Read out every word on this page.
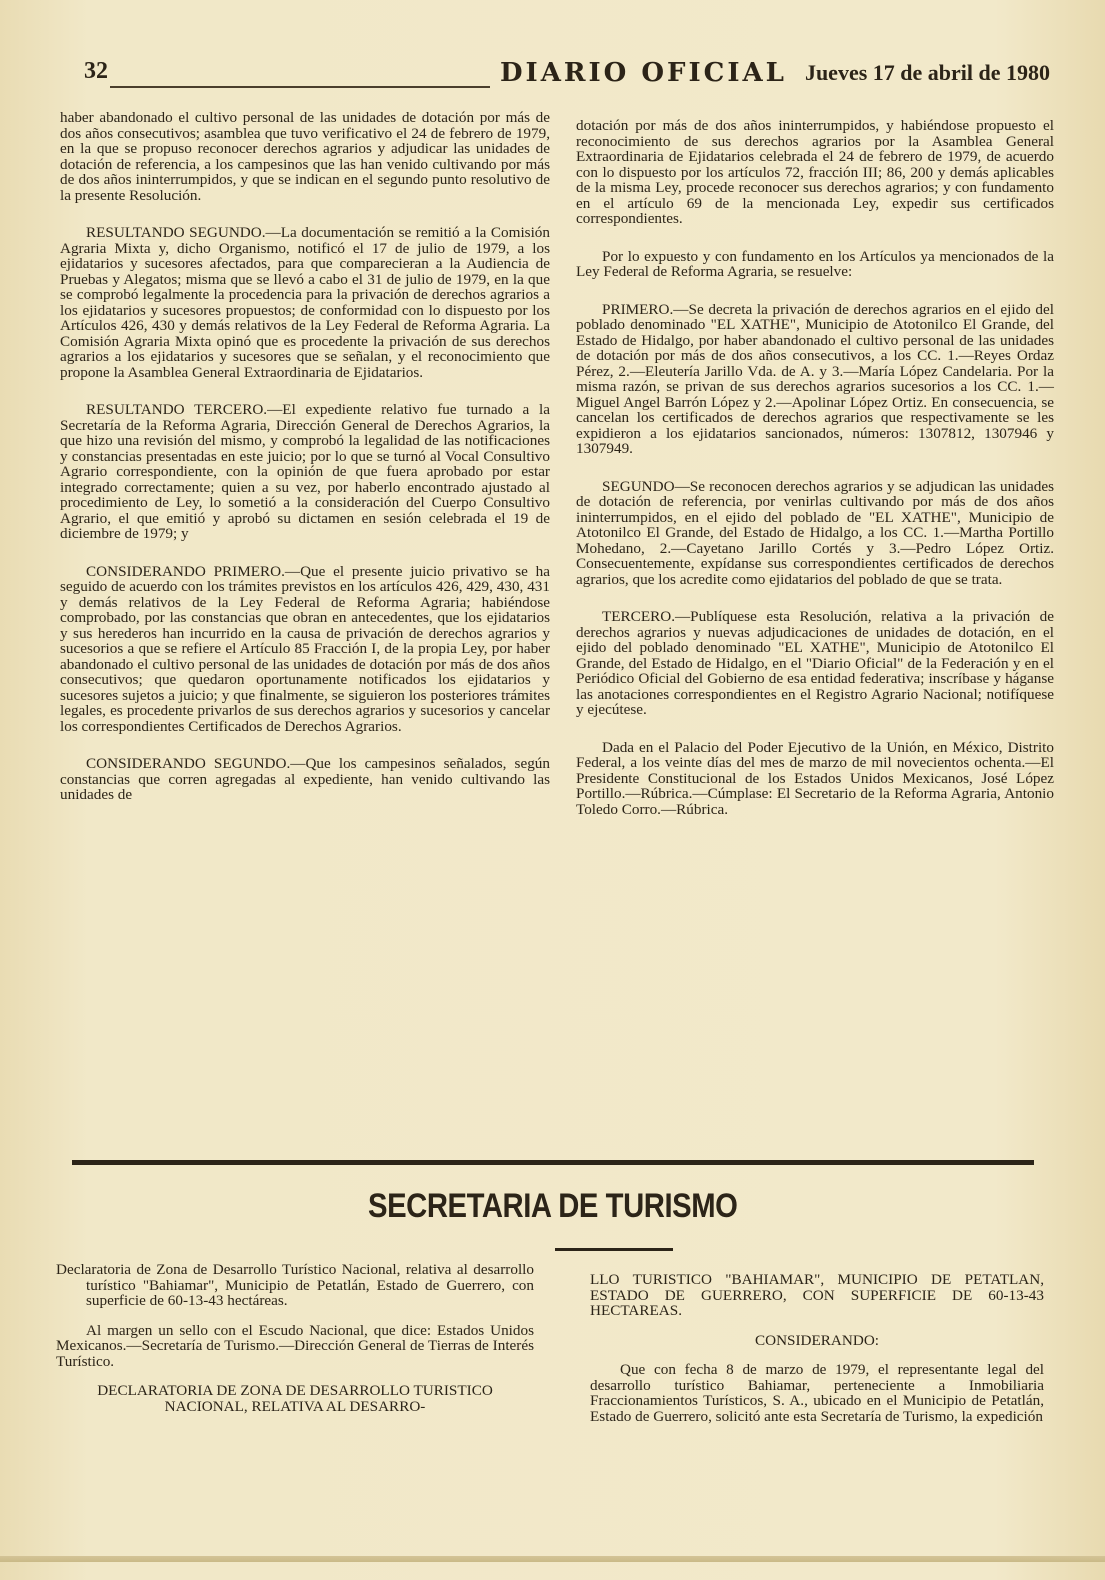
32	DIARIO OFICIAL Jueves 17 de abril de 1980

haber abandonado el cultivo personal de las unidades de dotación por más de dos años consecutivos; asamblea que tuvo verificativo el 24 de febrero de 1979, en la que se propuso reconocer derechos agrarios y adjudicar las unidades de dotación de referencia, a los campesinos que las han venido cultivando por más de dos años ininterrumpidos, y que se indican en el segundo punto resolutivo de la presente Resolución.

RESULTANDO SEGUNDO.—La documentación se remitió a la Comisión Agraria Mixta y, dicho Organismo, notificó el 17 de julio de 1979, a los ejidatarios y sucesores afectados, para que comparecieran a la Audiencia de Pruebas y Alegatos; misma que se llevó a cabo el 31 de julio de 1979, en la que se comprobó legalmente la procedencia para la privación de derechos agrarios a los ejidatarios y sucesores propuestos; de conformidad con lo dispuesto por los Artículos 426, 430 y demás relativos de la Ley Federal de Reforma Agraria. La Comisión Agraria Mixta opinó que es procedente la privación de sus derechos agrarios a los ejidatarios y sucesores que se señalan, y el reconocimiento que propone la Asamblea General Extraordinaria de Ejidatarios.

RESULTANDO TERCERO.—El expediente relativo fue turnado a la Secretaría de la Reforma Agraria, Dirección General de Derechos Agrarios, la que hizo una revisión del mismo, y comprobó la legalidad de las notificaciones y constancias presentadas en este juicio; por lo que se turnó al Vocal Consultivo Agrario correspondiente, con la opinión de que fuera aprobado por estar integrado correctamente; quien a su vez, por haberlo encontrado ajustado al procedimiento de Ley, lo sometió a la consideración del Cuerpo Consultivo Agrario, el que emitió y aprobó su dictamen en sesión celebrada el 19 de diciembre de 1979; y

CONSIDERANDO PRIMERO.—Que el presente juicio privativo se ha seguido de acuerdo con los trámites previstos en los artículos 426, 429, 430, 431 y demás relativos de la Ley Federal de Reforma Agraria; habiéndose comprobado, por las constancias que obran en antecedentes, que los ejidatarios y sus herederos han incurrido en la causa de privación de derechos agrarios y sucesorios a que se refiere el Artículo 85 Fracción I, de la propia Ley, por haber abandonado el cultivo personal de las unidades de dotación por más de dos años consecutivos; que quedaron oportunamente notificados los ejidatarios y sucesores sujetos a juicio; y que finalmente, se siguieron los posteriores trámites legales, es procedente privarlos de sus derechos agrarios y sucesorios y cancelar los correspondientes Certificados de Derechos Agrarios.

CONSIDERANDO SEGUNDO.—Que los campesinos señalados, según constancias que corren agregadas al expediente, han venido cultivando las unidades de

dotación por más de dos años ininterrumpidos, y habiéndose propuesto el reconocimiento de sus derechos agrarios por la Asamblea General Extraordinaria de Ejidatarios celebrada el 24 de febrero de 1979, de acuerdo con lo dispuesto por los artículos 72, fracción III; 86, 200 y demás aplicables de la misma Ley, procede reconocer sus derechos agrarios; y con fundamento en el artículo 69 de la mencionada Ley, expedir sus certificados correspondientes.

Por lo expuesto y con fundamento en los Artículos ya mencionados de la Ley Federal de Reforma Agraria, se resuelve:

PRIMERO.—Se decreta la privación de derechos agrarios en el ejido del poblado denominado "EL XATHE", Municipio de Atotonilco El Grande, del Estado de Hidalgo, por haber abandonado el cultivo personal de las unidades de dotación por más de dos años consecutivos, a los CC. 1.—Reyes Ordaz Pérez, 2.—Eleutería Jarillo Vda. de A. y 3.—María López Candelaria. Por la misma razón, se privan de sus derechos agrarios sucesorios a los CC. 1.—Miguel Angel Barrón López y 2.—Apolinar López Ortiz. En consecuencia, se cancelan los certificados de derechos agrarios que respectivamente se les expidieron a los ejidatarios sancionados, números: 1307812, 1307946 y 1307949.

SEGUNDO—Se reconocen derechos agrarios y se adjudican las unidades de dotación de referencia, por venirlas cultivando por más de dos años ininterrumpidos, en el ejido del poblado de "EL XATHE", Municipio de Atotonilco El Grande, del Estado de Hidalgo, a los CC. 1.—Martha Portillo Mohedano, 2.—Cayetano Jarillo Cortés y 3.—Pedro López Ortiz. Consecuentemente, expídanse sus correspondientes certificados de derechos agrarios, que los acredite como ejidatarios del poblado de que se trata.

TERCERO.—Publíquese esta Resolución, relativa a la privación de derechos agrarios y nuevas adjudicaciones de unidades de dotación, en el ejido del poblado denominado "EL XATHE", Municipio de Atotonilco El Grande, del Estado de Hidalgo, en el "Diario Oficial" de la Federación y en el Periódico Oficial del Gobierno de esa entidad federativa; inscríbase y háganse las anotaciones correspondientes en el Registro Agrario Nacional; notifíquese y ejecútese.

Dada en el Palacio del Poder Ejecutivo de la Unión, en México, Distrito Federal, a los veinte días del mes de marzo de mil novecientos ochenta.—El Presidente Constitucional de los Estados Unidos Mexicanos, José López Portillo.—Rúbrica.—Cúmplase: El Secretario de la Reforma Agraria, Antonio Toledo Corro.—Rúbrica.

SECRETARIA DE TURISMO

Declaratoria de Zona de Desarrollo Turístico Nacional, relativa al desarrollo turístico "Bahiamar", Municipio de Petatlán, Estado de Guerrero, con superficie de 60-13-43 hectáreas.

Al margen un sello con el Escudo Nacional, que dice: Estados Unidos Mexicanos.—Secretaría de Turismo.—Dirección General de Tierras de Interés Turístico.

DECLARATORIA DE ZONA DE DESARROLLO TURISTICO NACIONAL, RELATIVA AL DESARRO-

LLO TURISTICO "BAHIAMAR", MUNICIPIO DE PETATLAN, ESTADO DE GUERRERO, CON SUPERFICIE DE 60-13-43 HECTAREAS.

CONSIDERANDO:

Que con fecha 8 de marzo de 1979, el representante legal del desarrollo turístico Bahiamar, perteneciente a Inmobiliaria Fraccionamientos Turísticos, S. A., ubicado en el Municipio de Petatlán, Estado de Guerrero, solicitó ante esta Secretaría de Turismo, la expedición
